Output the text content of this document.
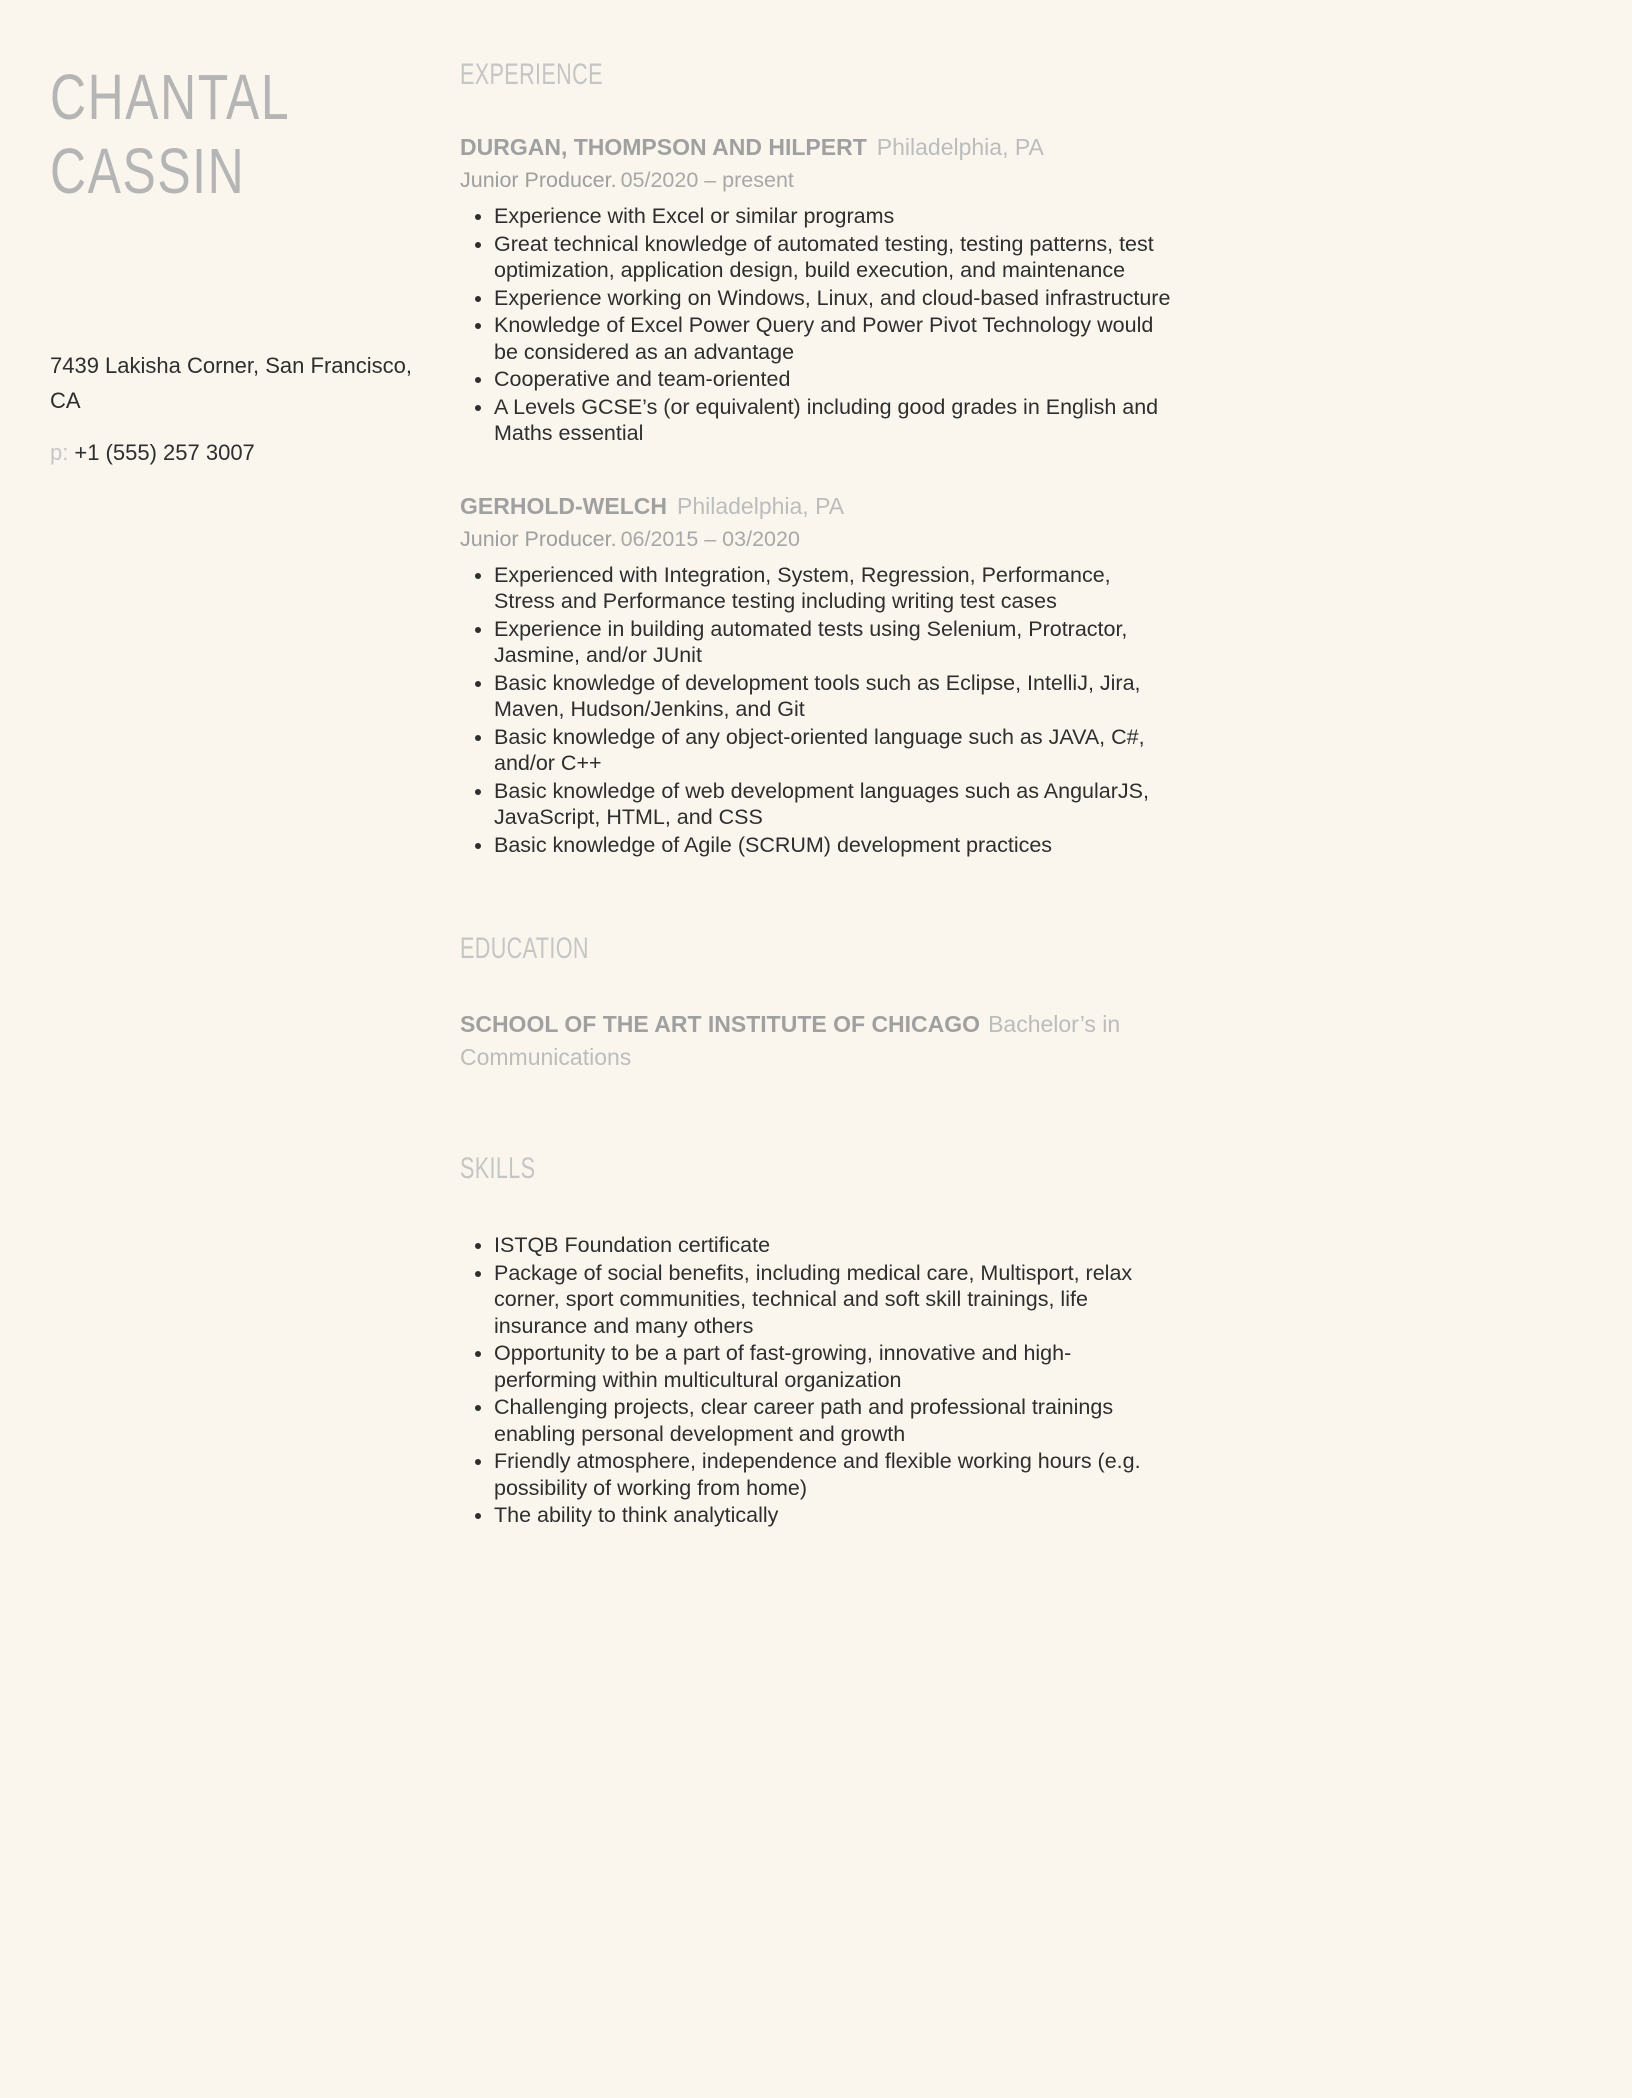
CHANTAL
CASSIN
7439 Lakisha Corner, San Francisco,
CA
p: +1 (555) 257 3007
EXPERIENCE
DURGAN, THOMPSON AND HILPERT Philadelphia, PA
Junior Producer. 05/2020 – present
• Experience with Excel or similar programs
• Great technical knowledge of automated testing, testing patterns, test optimization, application design, build execution, and maintenance
• Experience working on Windows, Linux, and cloud-based infrastructure
• Knowledge of Excel Power Query and Power Pivot Technology would be considered as an advantage
• Cooperative and team-oriented
• A Levels GCSE’s (or equivalent) including good grades in English and Maths essential
GERHOLD-WELCH Philadelphia, PA
Junior Producer. 06/2015 – 03/2020
• Experienced with Integration, System, Regression, Performance, Stress and Performance testing including writing test cases
• Experience in building automated tests using Selenium, Protractor, Jasmine, and/or JUnit
• Basic knowledge of development tools such as Eclipse, IntelliJ, Jira, Maven, Hudson/Jenkins, and Git
• Basic knowledge of any object-oriented language such as JAVA, C#, and/or C++
• Basic knowledge of web development languages such as AngularJS, JavaScript, HTML, and CSS
• Basic knowledge of Agile (SCRUM) development practices
EDUCATION

SCHOOL OF THE ART INSTITUTE OF CHICAGO Bachelor’s in Communications

SKILLS
• ISTQB Foundation certificate
• Package of social benefits, including medical care, Multisport, relax corner, sport communities, technical and soft skill trainings, life insurance and many others
• Opportunity to be a part of fast-growing, innovative and high-performing within multicultural organization
• Challenging projects, clear career path and professional trainings enabling personal development and growth
• Friendly atmosphere, independence and flexible working hours (e.g. possibility of working from home)
• The ability to think analytically
